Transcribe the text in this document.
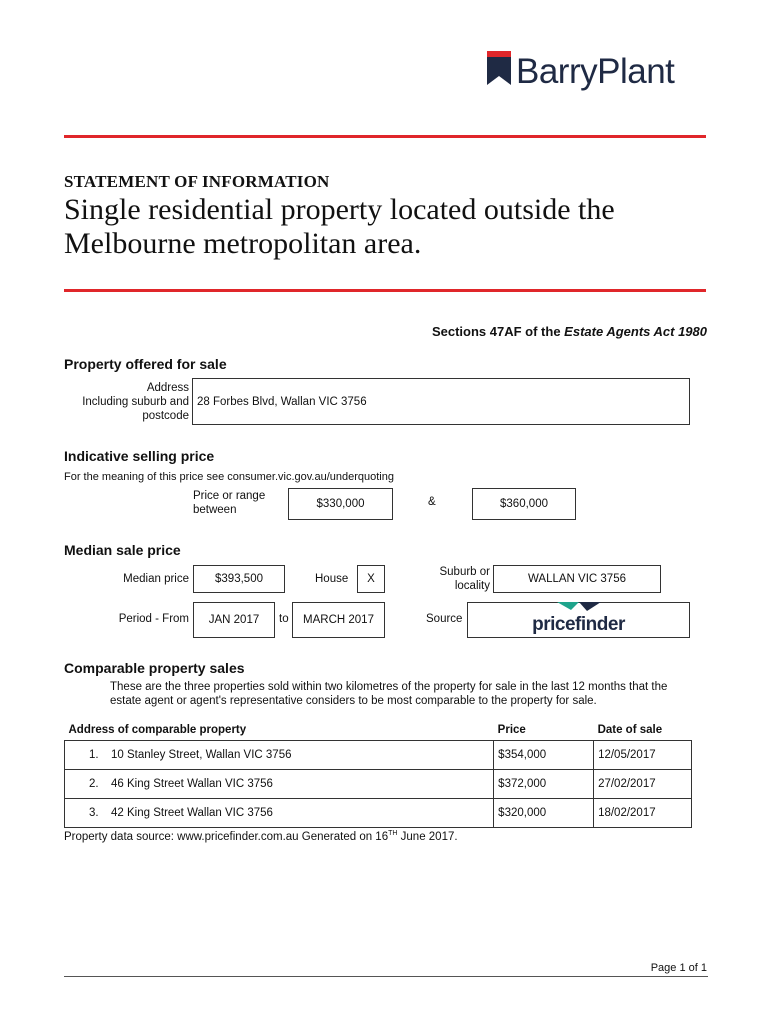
BarryPlant
STATEMENT OF INFORMATION
Single residential property located outside the Melbourne metropolitan area.
Sections 47AF of the Estate Agents Act 1980
Property offered for sale
Address
Including suburb and
postcode
28 Forbes Blvd, Wallan VIC 3756
Indicative selling price
For the meaning of this price see consumer.vic.gov.au/underquoting
Price or range
between	$330,000	&	$360,000
Median sale price
Median price	$393,500	House	X
Suburb or
locality
WALLAN VIC 3756
Period - From	JAN 2017	to	MARCH 2017	Source	pricefinder
Comparable property sales
These are the three properties sold within two kilometres of the property for sale in the last 12 months that the estate agent or agent's representative considers to be most comparable to the property for sale.
Address of comparable property	Price	Date of sale
1. 10 Stanley Street, Wallan VIC 3756	$354,000	12/05/2017
2. 46 King Street Wallan VIC 3756	$372,000	27/02/2017
3. 42 King Street Wallan VIC 3756	$320,000	18/02/2017
Property data source: www.pricefinder.com.au Generated on 16TH June 2017.
Page 1 of 1
